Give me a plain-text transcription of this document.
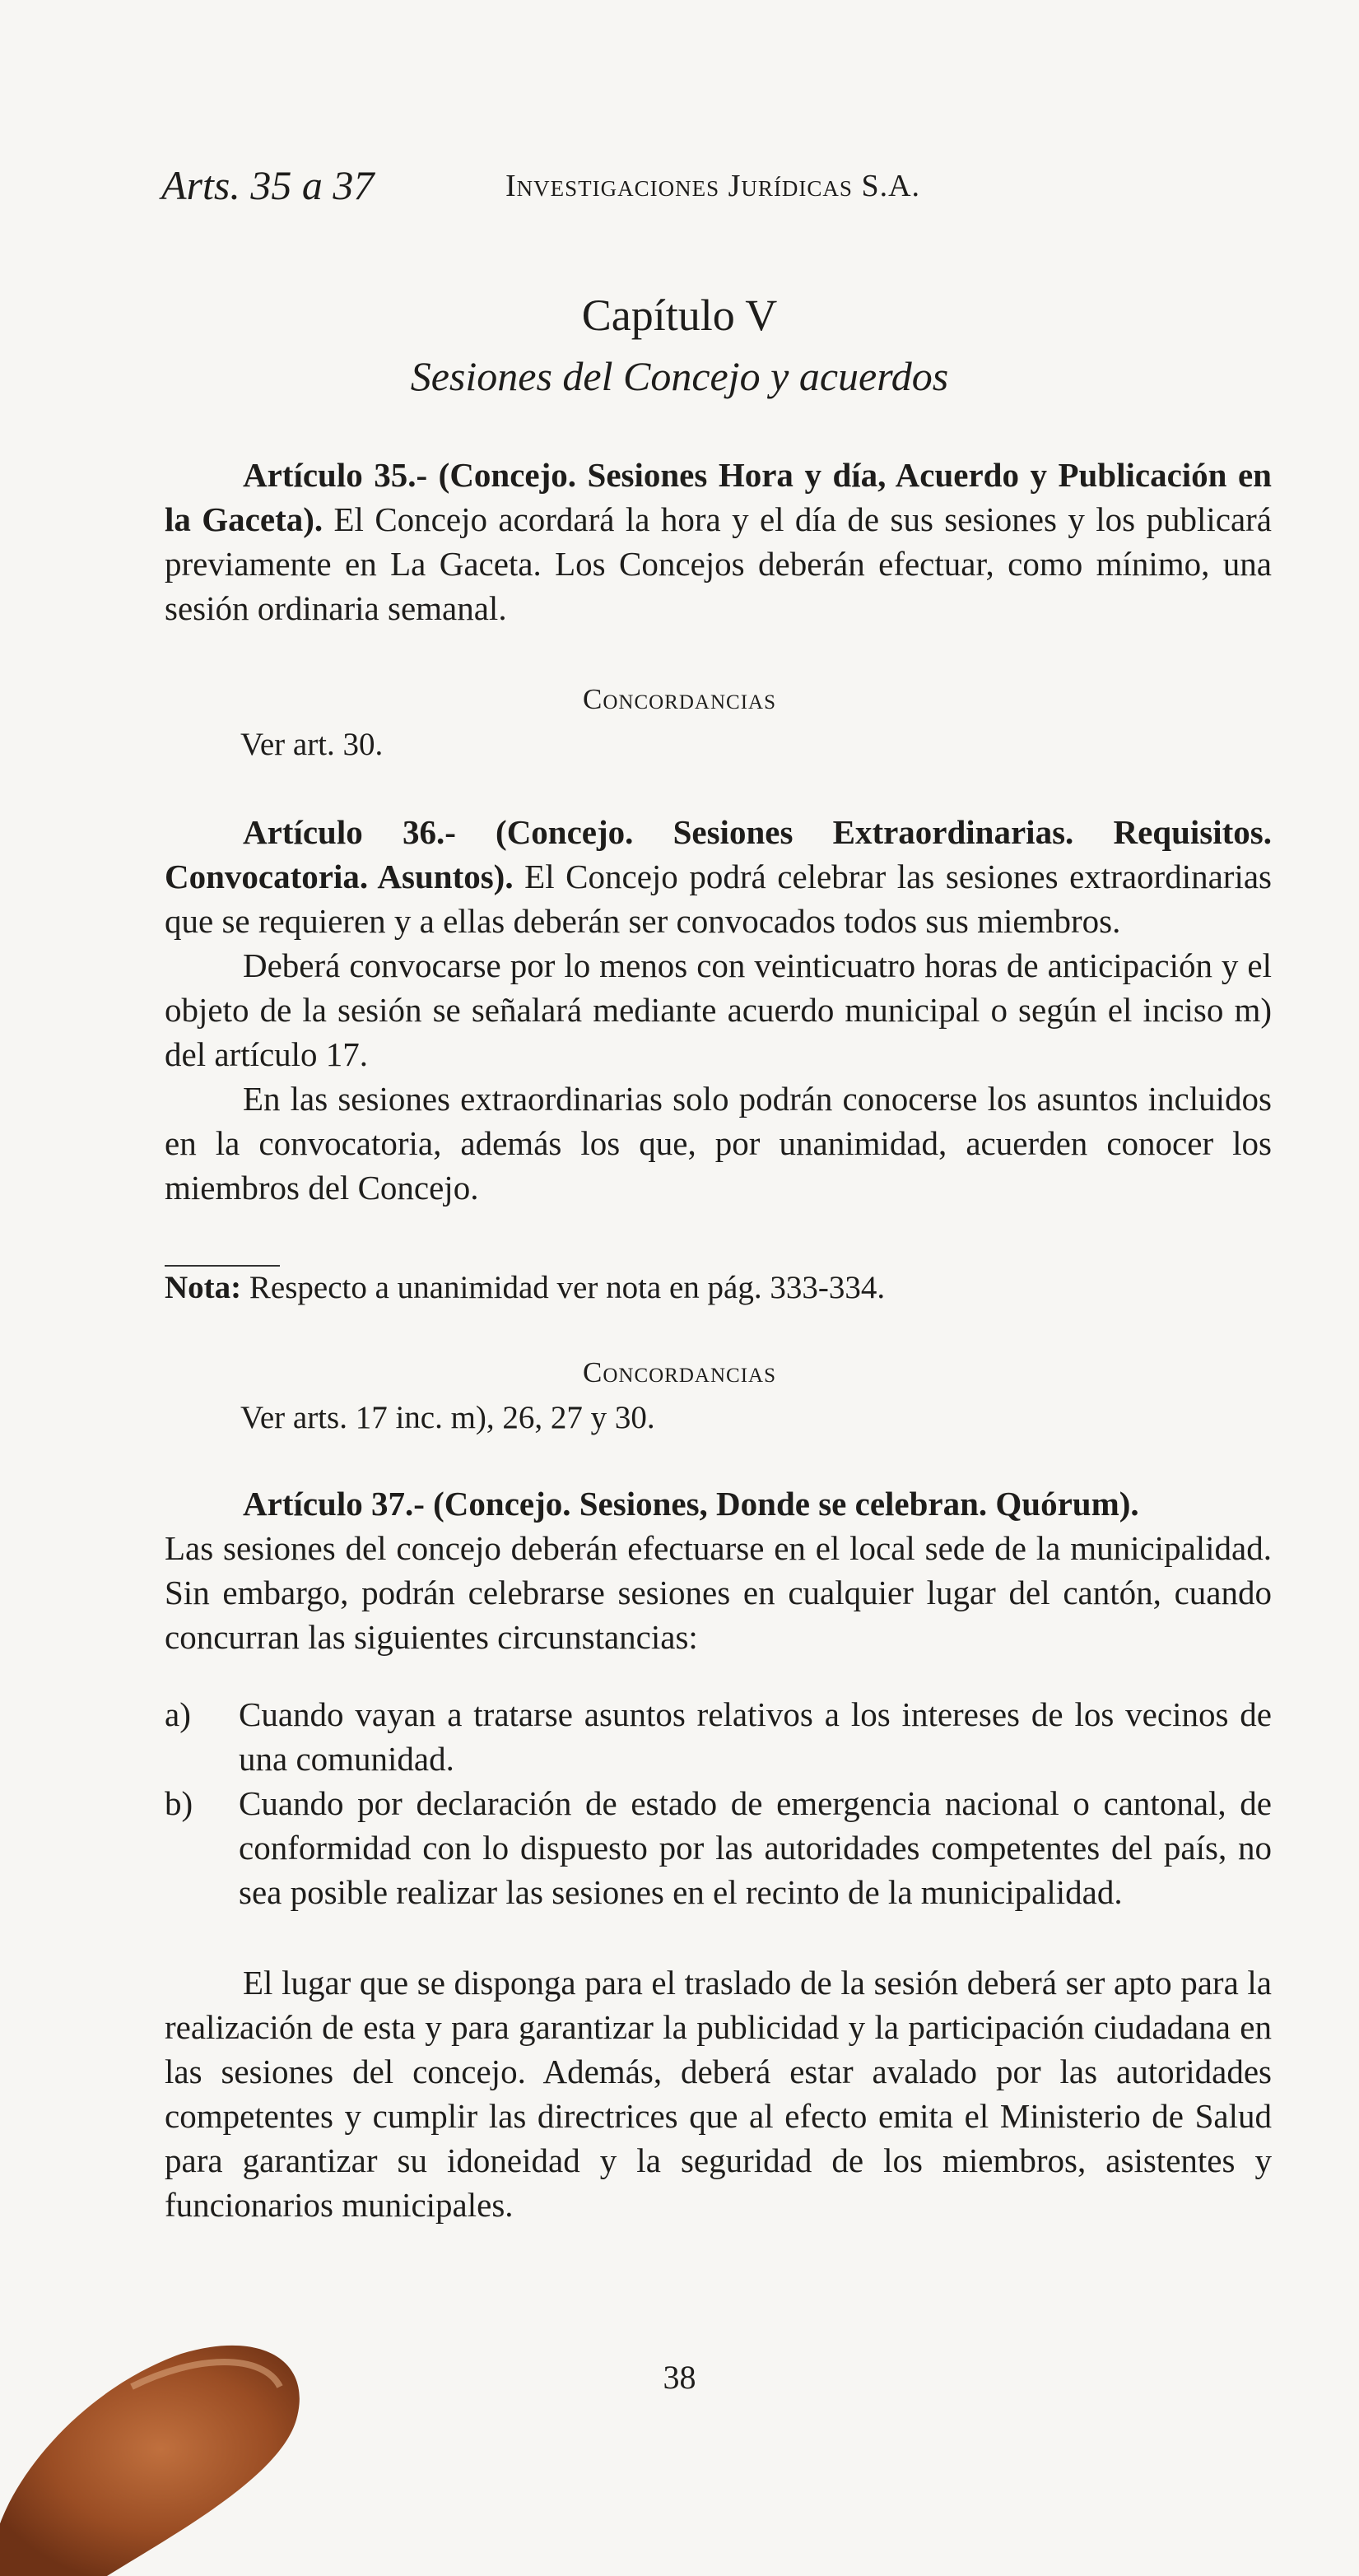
Arts. 35 a 37	Investigaciones Jurídicas S.A.
Capítulo V
Sesiones del Concejo y acuerdos

Artículo 35.- (Concejo. Sesiones Hora y día, Acuerdo y Publicación en la Gaceta). El Concejo acordará la hora y el día de sus sesiones y los publicará previamente en La Gaceta. Los Concejos deberán efectuar, como mínimo, una sesión ordinaria semanal.

Concordancias
Ver art. 30.

Artículo 36.- (Concejo. Sesiones Extraordinarias. Requisitos. Convocatoria. Asuntos). El Concejo podrá celebrar las sesiones extraordinarias que se requieren y a ellas deberán ser convocados todos sus miembros.

Deberá convocarse por lo menos con veinticuatro horas de anticipación y el objeto de la sesión se señalará mediante acuerdo municipal o según el inciso m) del artículo 17.

En las sesiones extraordinarias solo podrán conocerse los asuntos incluidos en la convocatoria, además los que, por unanimidad, acuerden conocer los miembros del Concejo.

Nota: Respecto a unanimidad ver nota en pág. 333-334.
Concordancias
Ver arts. 17 inc. m), 26, 27 y 30.

Artículo 37.- (Concejo. Sesiones, Donde se celebran. Quórum).

Las sesiones del concejo deberán efectuarse en el local sede de la municipalidad. Sin embargo, podrán celebrarse sesiones en cualquier lugar del cantón, cuando concurran las siguientes circunstancias:

a) Cuando vayan a tratarse asuntos relativos a los intereses de los vecinos de una comunidad.
b) Cuando por declaración de estado de emergencia nacional o cantonal, de conformidad con lo dispuesto por las autoridades competentes del país, no sea posible realizar las sesiones en el recinto de la municipalidad.

El lugar que se disponga para el traslado de la sesión deberá ser apto para la realización de esta y para garantizar la publicidad y la participación ciudadana en las sesiones del concejo. Además, deberá estar avalado por las autoridades competentes y cumplir las directrices que al efecto emita el Ministerio de Salud para garantizar su idoneidad y la seguridad de los miembros, asistentes y funcionarios municipales.

38
